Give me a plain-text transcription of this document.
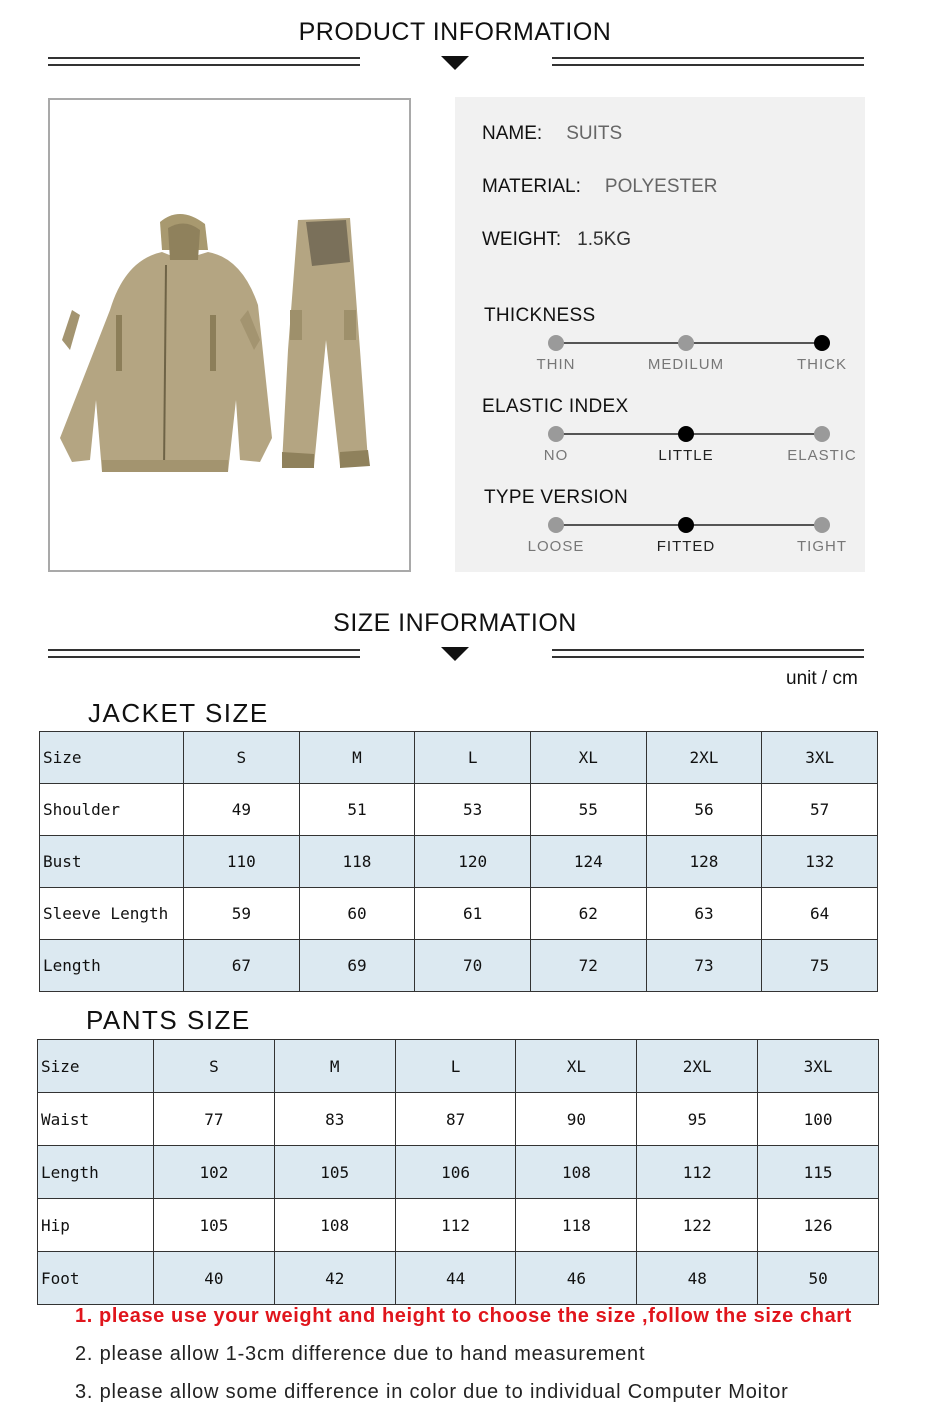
PRODUCT INFORMATION
NAME: SUITS
MATERIAL: POLYESTER
WEIGHT: 1.5KG
THICKNESS
THIN	MEDILUM	THICK
ELASTIC INDEX
NO	LITTLE	ELASTIC
TYPE VERSION
LOOSE	FITTED	TIGHT
SIZE INFORMATION
unit / cm
JACKET SIZE
Size	S	M	L	XL	2XL	3XL
Shoulder	49	51	53	55	56	57
Bust	110	118	120	124	128	132
Sleeve Length	59	60	61	62	63	64
Length	67	69	70	72	73	75
PANTS SIZE
Size	S	M	L	XL	2XL	3XL
Waist	77	83	87	90	95	100
Length	102	105	106	108	112	115
Hip	105	108	112	118	122	126
Foot	40	42	44	46	48	50
1. please use your weight and height to choose the size ,follow the size chart
2. please allow 1-3cm difference due to hand measurement
3. please allow some difference in color due to individual Computer Moitor
